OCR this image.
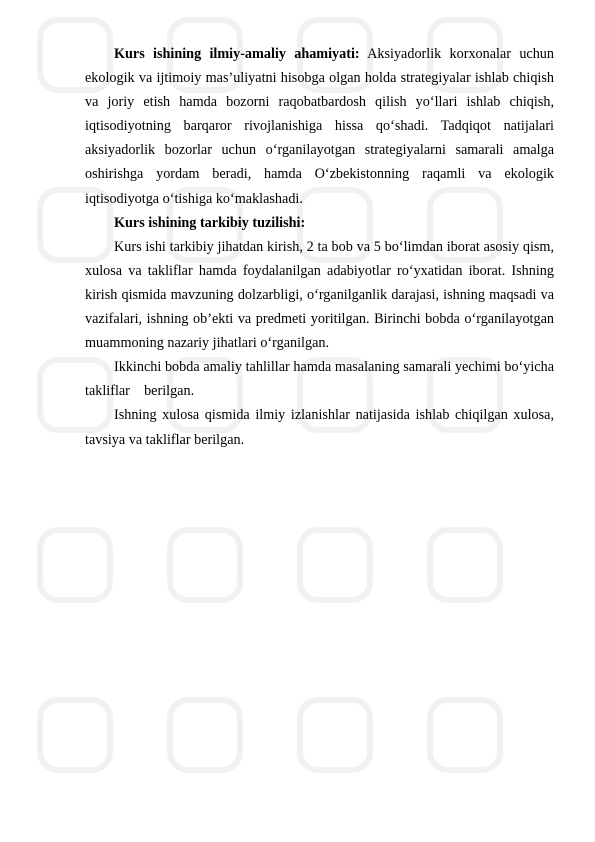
Kurs ishining ilmiy-amaliy ahamiyati: Aksiyadorlik korxonalar uchun ekologik va ijtimoiy mas’uliyatni hisobga olgan holda strategiyalar ishlab chiqish va joriy etish hamda bozorni raqobatbardosh qilish yo‘llari ishlab chiqish, iqtisodiyotning barqaror rivojlanishiga hissa qo‘shadi. Tadqiqot natijalari aksiyadorlik bozorlar uchun o‘rganilayotgan strategiyalarni samarali amalga oshirishga yordam beradi, hamda O‘zbekistonning raqamli va ekologik iqtisodiyotga o‘tishiga ko‘maklashadi.

Kurs ishining tarkibiy tuzilishi:

Kurs ishi tarkibiy jihatdan kirish, 2 ta bob va 5 bo‘limdan iborat asosiy qism, xulosa va takliflar hamda foydalanilgan adabiyotlar ro‘yxatidan iborat. Ishning kirish qismida mavzuning dolzarbligi, o‘rganilganlik darajasi, ishning maqsadi va vazifalari, ishning ob’ekti va predmeti yoritilgan. Birinchi bobda o‘rganilayotgan muammoning nazariy jihatlari o‘rganilgan.

Ikkinchi bobda amaliy tahlillar hamda masalaning samarali yechimi bo‘yicha takliflar    berilgan.

Ishning xulosa qismida ilmiy izlanishlar natijasida ishlab chiqilgan xulosa, tavsiya va takliflar berilgan.
